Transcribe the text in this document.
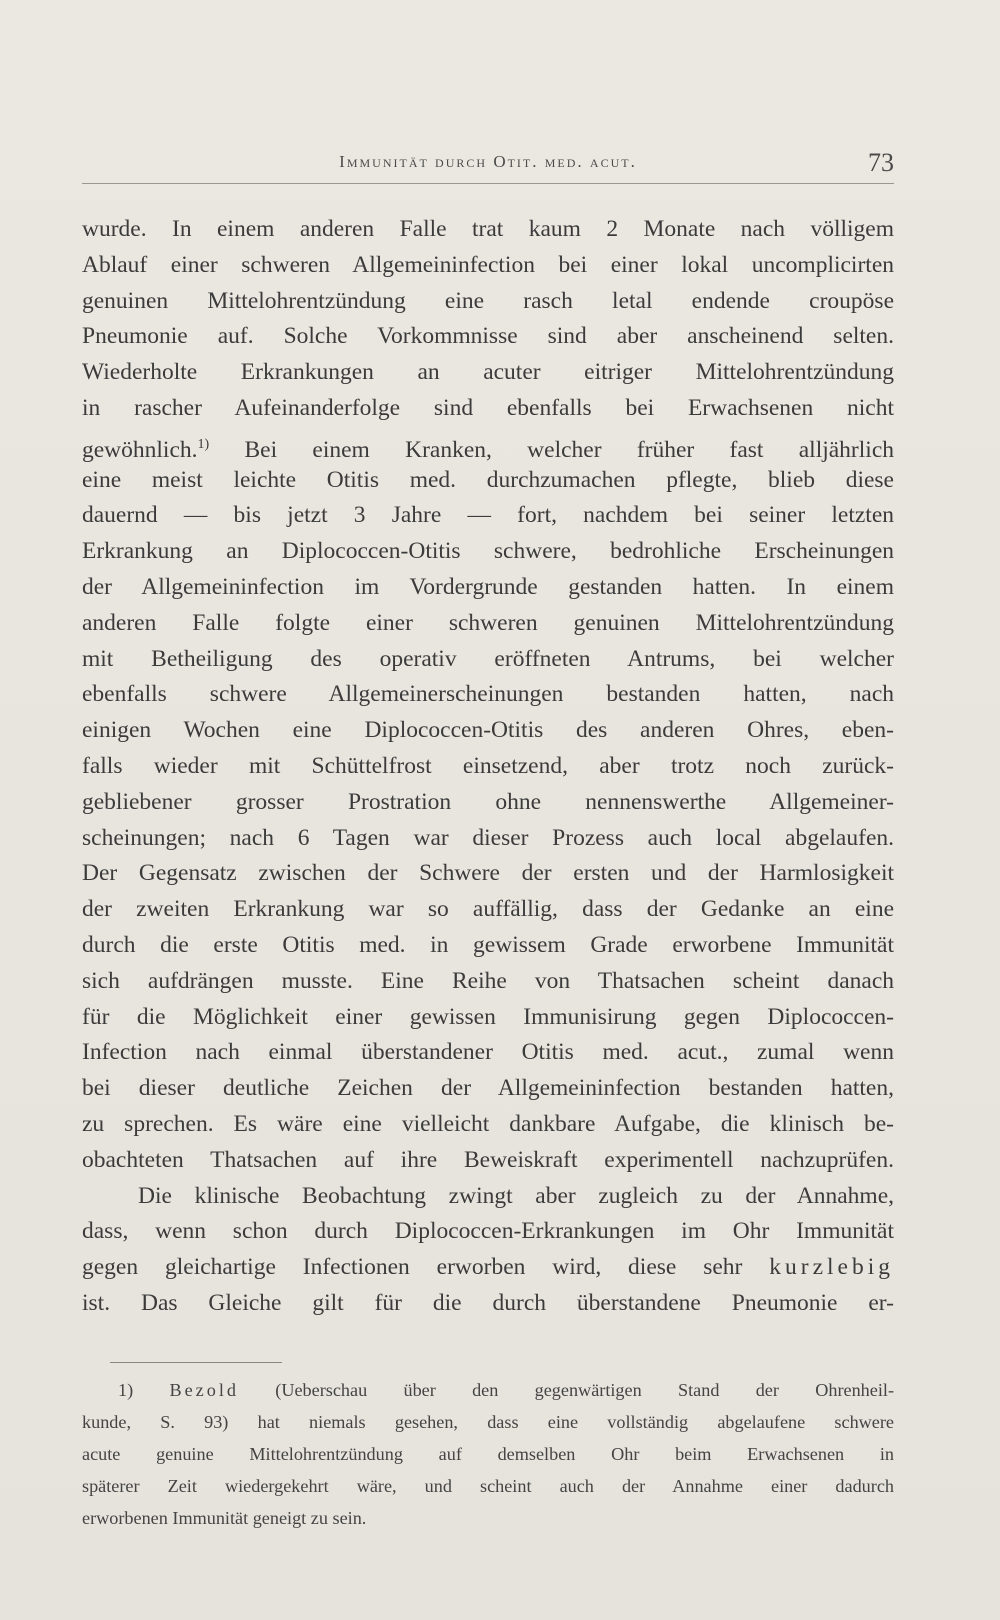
Immunität durch Otit. med. acut.	73
wurde. In einem anderen Falle trat kaum 2 Monate nach völligem
Ablauf einer schweren Allgemeininfection bei einer lokal uncomplicirten
genuinen Mittelohrentzündung eine rasch letal endende croupöse
Pneumonie auf. Solche Vorkommnisse sind aber anscheinend selten.
Wiederholte Erkrankungen an acuter eitriger Mittelohrentzündung
in rascher Aufeinanderfolge sind ebenfalls bei Erwachsenen nicht
gewöhnlich.$^{1)}$ Bei einem Kranken, welcher früher fast alljährlich
eine meist leichte Otitis med. durchzumachen pflegte, blieb diese
dauernd — bis jetzt 3 Jahre — fort, nachdem bei seiner letzten
Erkrankung an Diplococcen-Otitis schwere, bedrohliche Erscheinungen
der Allgemeininfection im Vordergrunde gestanden hatten. In einem
anderen Falle folgte einer schweren genuinen Mittelohrentzündung
mit Betheiligung des operativ eröffneten Antrums, bei welcher
ebenfalls schwere Allgemeinerscheinungen bestanden hatten, nach
einigen Wochen eine Diplococcen-Otitis des anderen Ohres, eben-
falls wieder mit Schüttelfrost einsetzend, aber trotz noch zurück-
gebliebener grosser Prostration ohne nennenswerthe Allgemeiner-
scheinungen; nach 6 Tagen war dieser Prozess auch local abgelaufen.
Der Gegensatz zwischen der Schwere der ersten und der Harmlosigkeit
der zweiten Erkrankung war so auffällig, dass der Gedanke an eine
durch die erste Otitis med. in gewissem Grade erworbene Immunität
sich aufdrängen musste. Eine Reihe von Thatsachen scheint danach
für die Möglichkeit einer gewissen Immunisirung gegen Diplococcen-
Infection nach einmal überstandener Otitis med. acut., zumal wenn
bei dieser deutliche Zeichen der Allgemeininfection bestanden hatten,
zu sprechen. Es wäre eine vielleicht dankbare Aufgabe, die klinisch be-
obachteten Thatsachen auf ihre Beweiskraft experimentell nachzuprüfen.
Die klinische Beobachtung zwingt aber zugleich zu der Annahme,
dass, wenn schon durch Diplococcen-Erkrankungen im Ohr Immunität
gegen gleichartige Infectionen erworben wird, diese sehr kurzlebig
ist. Das Gleiche gilt für die durch überstandene Pneumonie er-
1) Bezold (Ueberschau über den gegenwärtigen Stand der Ohrenheil-
kunde, S. 93) hat niemals gesehen, dass eine vollständig abgelaufene schwere
acute genuine Mittelohrentzündung auf demselben Ohr beim Erwachsenen in
späterer Zeit wiedergekehrt wäre, und scheint auch der Annahme einer dadurch
erworbenen Immunität geneigt zu sein.
